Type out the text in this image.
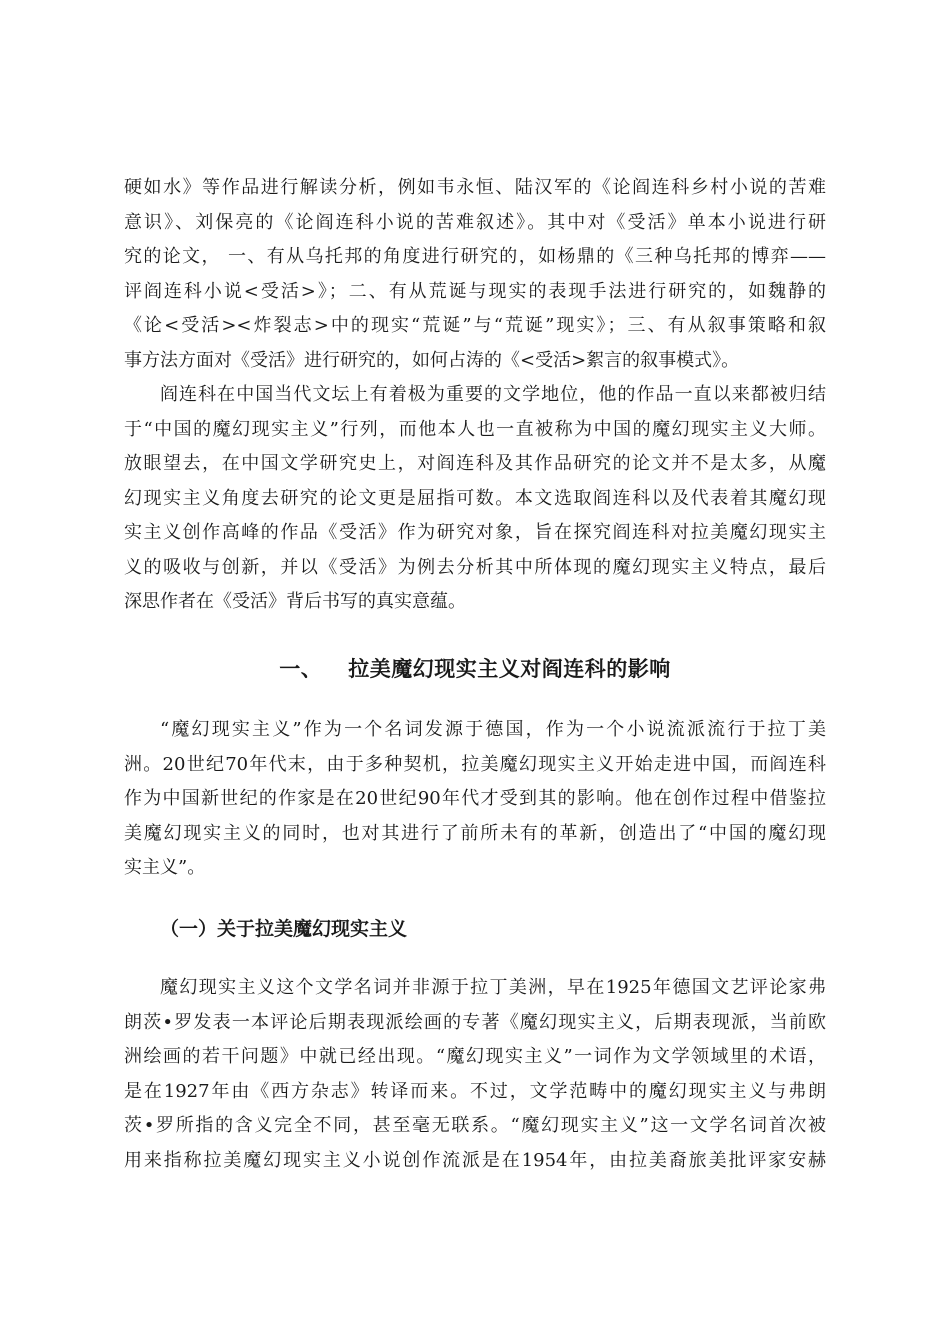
硬如水》等作品进行解读分析，例如韦永恒、陆汉军的《论阎连科乡村小说的苦难

意识》、刘保亮的《论阎连科小说的苦难叙述》。其中对《受活》单本小说进行研

究的论文， 一、有从乌托邦的角度进行研究的，如杨鼎的《三种乌托邦的博弈——

评阎连科小说<受活>》；二、有从荒诞与现实的表现手法进行研究的，如魏静的

《论<受活><炸裂志>中的现实“荒诞”与“荒诞”现实》；三、有从叙事策略和叙

事方法方面对《受活》进行研究的，如何占涛的《<受活>絮言的叙事模式》。

阎连科在中国当代文坛上有着极为重要的文学地位，他的作品一直以来都被归结

于“中国的魔幻现实主义”行列，而他本人也一直被称为中国的魔幻现实主义大师。

放眼望去，在中国文学研究史上，对阎连科及其作品研究的论文并不是太多，从魔

幻现实主义角度去研究的论文更是屈指可数。本文选取阎连科以及代表着其魔幻现

实主义创作高峰的作品《受活》作为研究对象，旨在探究阎连科对拉美魔幻现实主

义的吸收与创新，并以《受活》为例去分析其中所体现的魔幻现实主义特点，最后

深思作者在《受活》背后书写的真实意蕴。

一、 拉美魔幻现实主义对阎连科的影响

“魔幻现实主义”作为一个名词发源于德国，作为一个小说流派流行于拉丁美

洲。20世纪70年代末，由于多种契机，拉美魔幻现实主义开始走进中国，而阎连科

作为中国新世纪的作家是在20世纪90年代才受到其的影响。他在创作过程中借鉴拉

美魔幻现实主义的同时，也对其进行了前所未有的革新，创造出了“中国的魔幻现

实主义”。

（一）关于拉美魔幻现实主义

魔幻现实主义这个文学名词并非源于拉丁美洲，早在1925年德国文艺评论家弗

朗茨•罗发表一本评论后期表现派绘画的专著《魔幻现实主义，后期表现派，当前欧

洲绘画的若干问题》中就已经出现。“魔幻现实主义”一词作为文学领域里的术语，

是在1927年由《西方杂志》转译而来。不过，文学范畴中的魔幻现实主义与弗朗

茨•罗所指的含义完全不同，甚至毫无联系。“魔幻现实主义”这一文学名词首次被

用来指称拉美魔幻现实主义小说创作流派是在1954年，由拉美裔旅美批评家安赫
